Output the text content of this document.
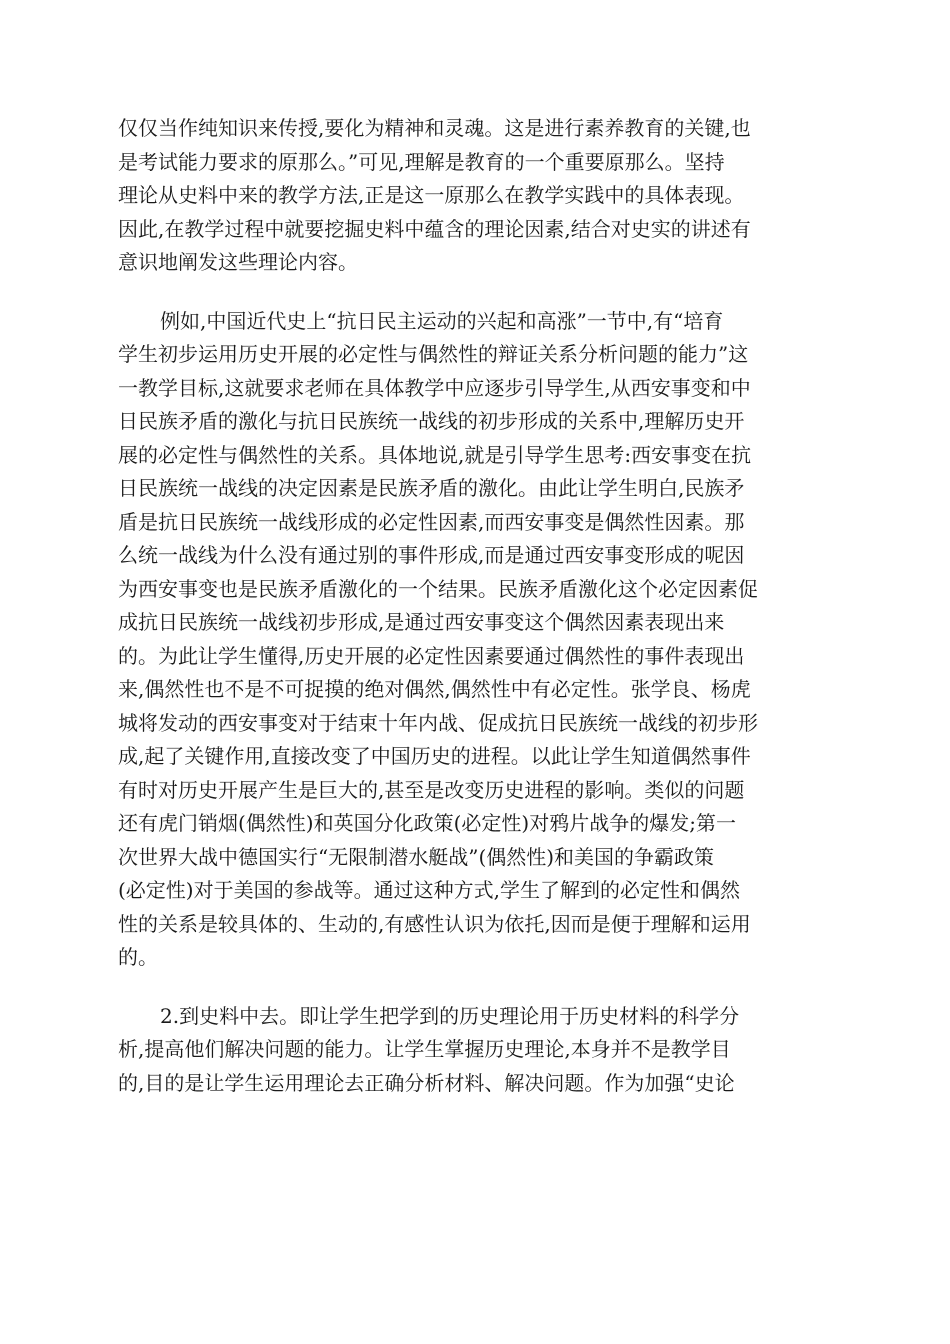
仅仅当作纯知识来传授,要化为精神和灵魂。这是进行素养教育的关键,也
是考试能力要求的原那么。”可见,理解是教育的一个重要原那么。坚持
理论从史料中来的教学方法,正是这一原那么在教学实践中的具体表现。
因此,在教学过程中就要挖掘史料中蕴含的理论因素,结合对史实的讲述有
意识地阐发这些理论内容。
例如,中国近代史上“抗日民主运动的兴起和高涨”一节中,有“培育
学生初步运用历史开展的必定性与偶然性的辩证关系分析问题的能力”这
一教学目标,这就要求老师在具体教学中应逐步引导学生,从西安事变和中
日民族矛盾的激化与抗日民族统一战线的初步形成的关系中,理解历史开
展的必定性与偶然性的关系。具体地说,就是引导学生思考:西安事变在抗
日民族统一战线的决定因素是民族矛盾的激化。由此让学生明白,民族矛
盾是抗日民族统一战线形成的必定性因素,而西安事变是偶然性因素。那
么统一战线为什么没有通过别的事件形成,而是通过西安事变形成的呢因
为西安事变也是民族矛盾激化的一个结果。民族矛盾激化这个必定因素促
成抗日民族统一战线初步形成,是通过西安事变这个偶然因素表现出来
的。为此让学生懂得,历史开展的必定性因素要通过偶然性的事件表现出
来,偶然性也不是不可捉摸的绝对偶然,偶然性中有必定性。张学良、杨虎
城将发动的西安事变对于结束十年内战、促成抗日民族统一战线的初步形
成,起了关键作用,直接改变了中国历史的进程。以此让学生知道偶然事件
有时对历史开展产生是巨大的,甚至是改变历史进程的影响。类似的问题
还有虎门销烟(偶然性)和英国分化政策(必定性)对鸦片战争的爆发;第一
次世界大战中德国实行“无限制潜水艇战”(偶然性)和美国的争霸政策
(必定性)对于美国的参战等。通过这种方式,学生了解到的必定性和偶然
性的关系是较具体的、生动的,有感性认识为依托,因而是便于理解和运用
的。
2.到史料中去。即让学生把学到的历史理论用于历史材料的科学分
析,提高他们解决问题的能力。让学生掌握历史理论,本身并不是教学目
的,目的是让学生运用理论去正确分析材料、解决问题。作为加强“史论
